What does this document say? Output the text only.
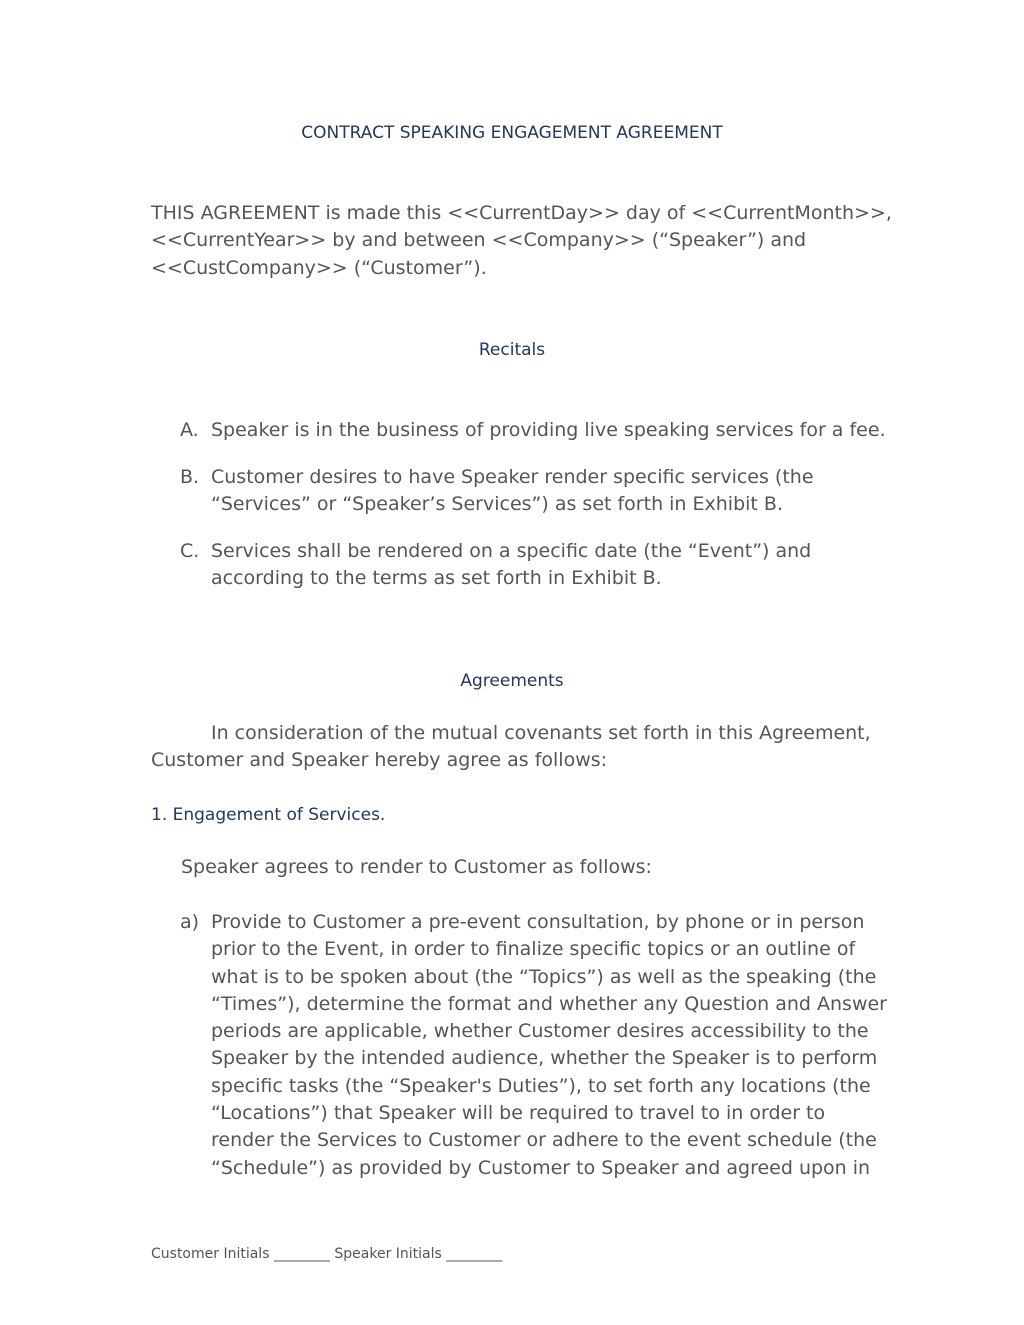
CONTRACT SPEAKING ENGAGEMENT AGREEMENT
THIS AGREEMENT is made this <<CurrentDay>> day of <<CurrentMonth>>,
<<CurrentYear>> by and between <<Company>> (“Speaker”) and
<<CustCompany>> (“Customer”).
Recitals
A. Speaker is in the business of providing live speaking services for a fee.
B. Customer desires to have Speaker render specific services (the
“Services” or “Speaker’s Services”) as set forth in Exhibit B.
C. Services shall be rendered on a specific date (the “Event”) and
according to the terms as set forth in Exhibit B.
Agreements
In consideration of the mutual covenants set forth in this Agreement,
Customer and Speaker hereby agree as follows:
1. Engagement of Services.
Speaker agrees to render to Customer as follows:
a) Provide to Customer a pre-event consultation, by phone or in person
prior to the Event, in order to finalize specific topics or an outline of
what is to be spoken about (the “Topics”) as well as the speaking (the
“Times”), determine the format and whether any Question and Answer
periods are applicable, whether Customer desires accessibility to the
Speaker by the intended audience, whether the Speaker is to perform
specific tasks (the “Speaker's Duties”), to set forth any locations (the
“Locations”) that Speaker will be required to travel to in order to
render the Services to Customer or adhere to the event schedule (the
“Schedule”) as provided by Customer to Speaker and agreed upon in
Customer Initials ________ Speaker Initials ________
